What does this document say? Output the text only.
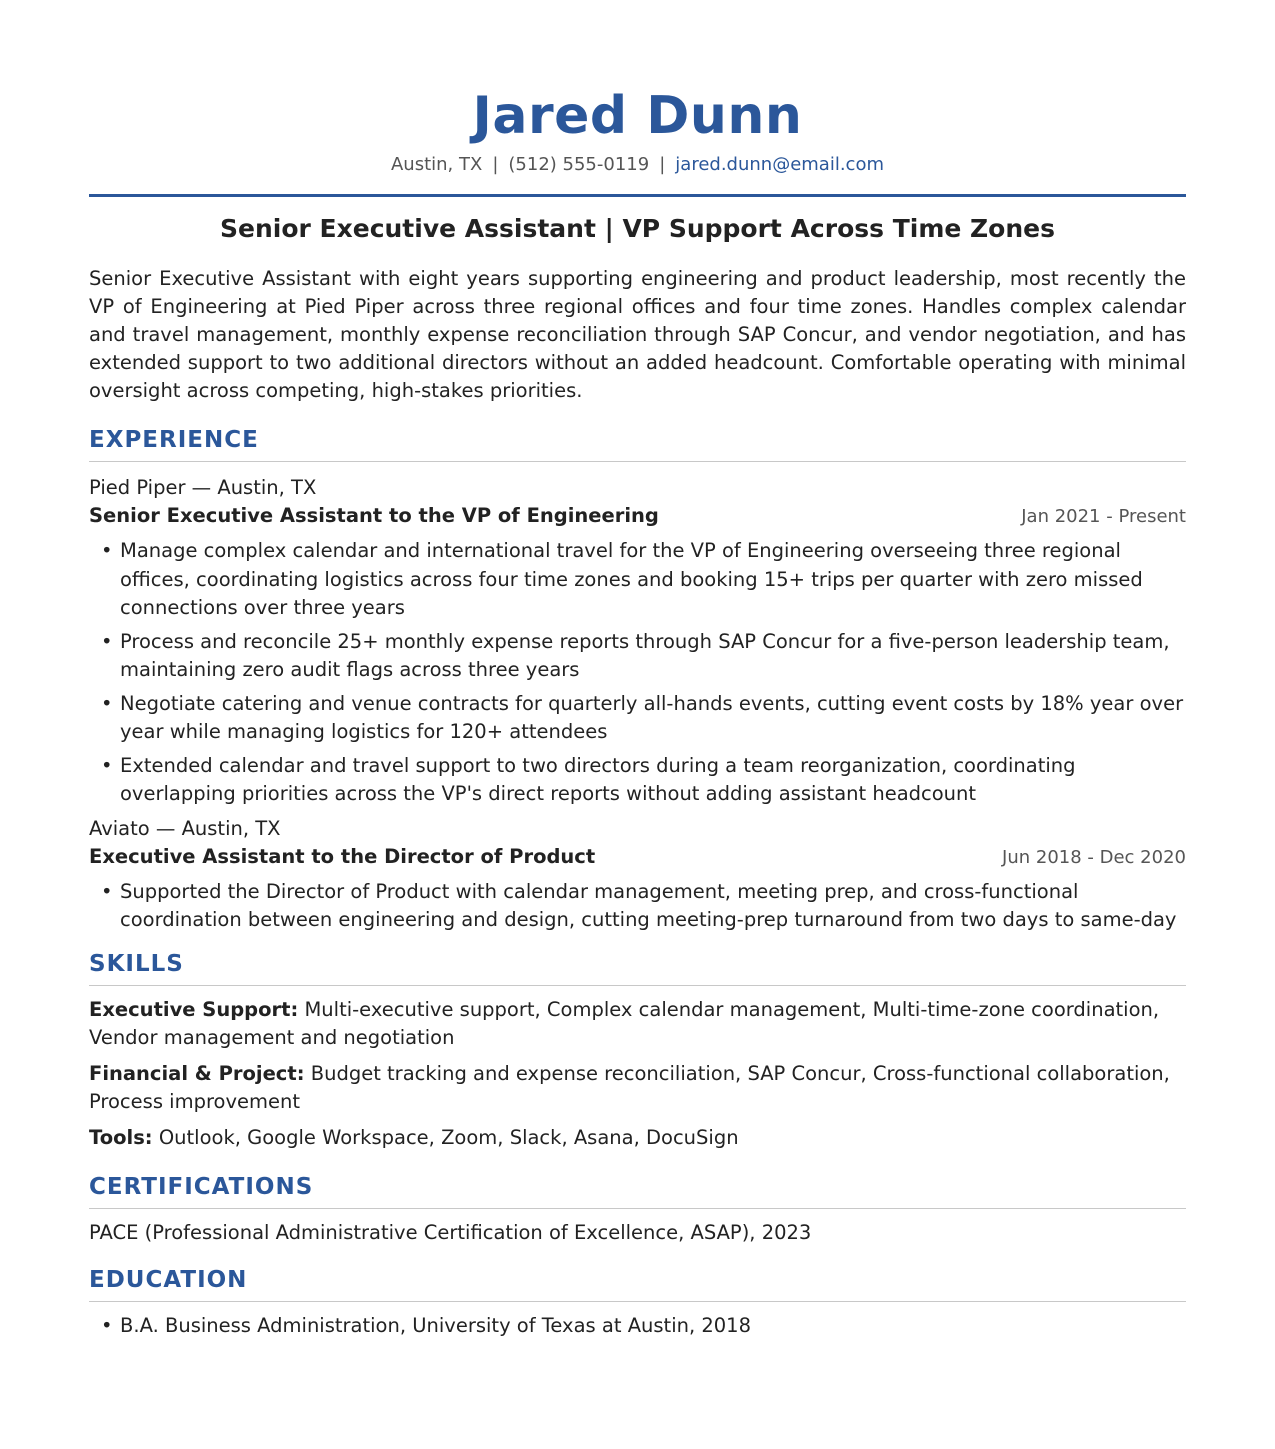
Jared Dunn
Austin, TX | (512) 555-0119 | jared.dunn@email.com
Senior Executive Assistant | VP Support Across Time Zones
Senior Executive Assistant with eight years supporting engineering and product leadership, most recently the VP of Engineering at Pied Piper across three regional offices and four time zones. Handles complex calendar and travel management, monthly expense reconciliation through SAP Concur, and vendor negotiation, and has extended support to two additional directors without an added headcount. Comfortable operating with minimal oversight across competing, high-stakes priorities.
EXPERIENCE
Pied Piper — Austin, TX
Senior Executive Assistant to the VP of Engineering	Jan 2021 - Present
• Manage complex calendar and international travel for the VP of Engineering overseeing three regional offices, coordinating logistics across four time zones and booking 15+ trips per quarter with zero missed connections over three years
• Process and reconcile 25+ monthly expense reports through SAP Concur for a five-person leadership team, maintaining zero audit flags across three years
• Negotiate catering and venue contracts for quarterly all-hands events, cutting event costs by 18% year over year while managing logistics for 120+ attendees
• Extended calendar and travel support to two directors during a team reorganization, coordinating overlapping priorities across the VP's direct reports without adding assistant headcount
Aviato — Austin, TX
Executive Assistant to the Director of Product	Jun 2018 - Dec 2020
• Supported the Director of Product with calendar management, meeting prep, and cross-functional coordination between engineering and design, cutting meeting-prep turnaround from two days to same-day
SKILLS
Executive Support: Multi-executive support, Complex calendar management, Multi-time-zone coordination, Vendor management and negotiation
Financial & Project: Budget tracking and expense reconciliation, SAP Concur, Cross-functional collaboration, Process improvement
Tools: Outlook, Google Workspace, Zoom, Slack, Asana, DocuSign
CERTIFICATIONS
PACE (Professional Administrative Certification of Excellence, ASAP), 2023
EDUCATION
• B.A. Business Administration, University of Texas at Austin, 2018
